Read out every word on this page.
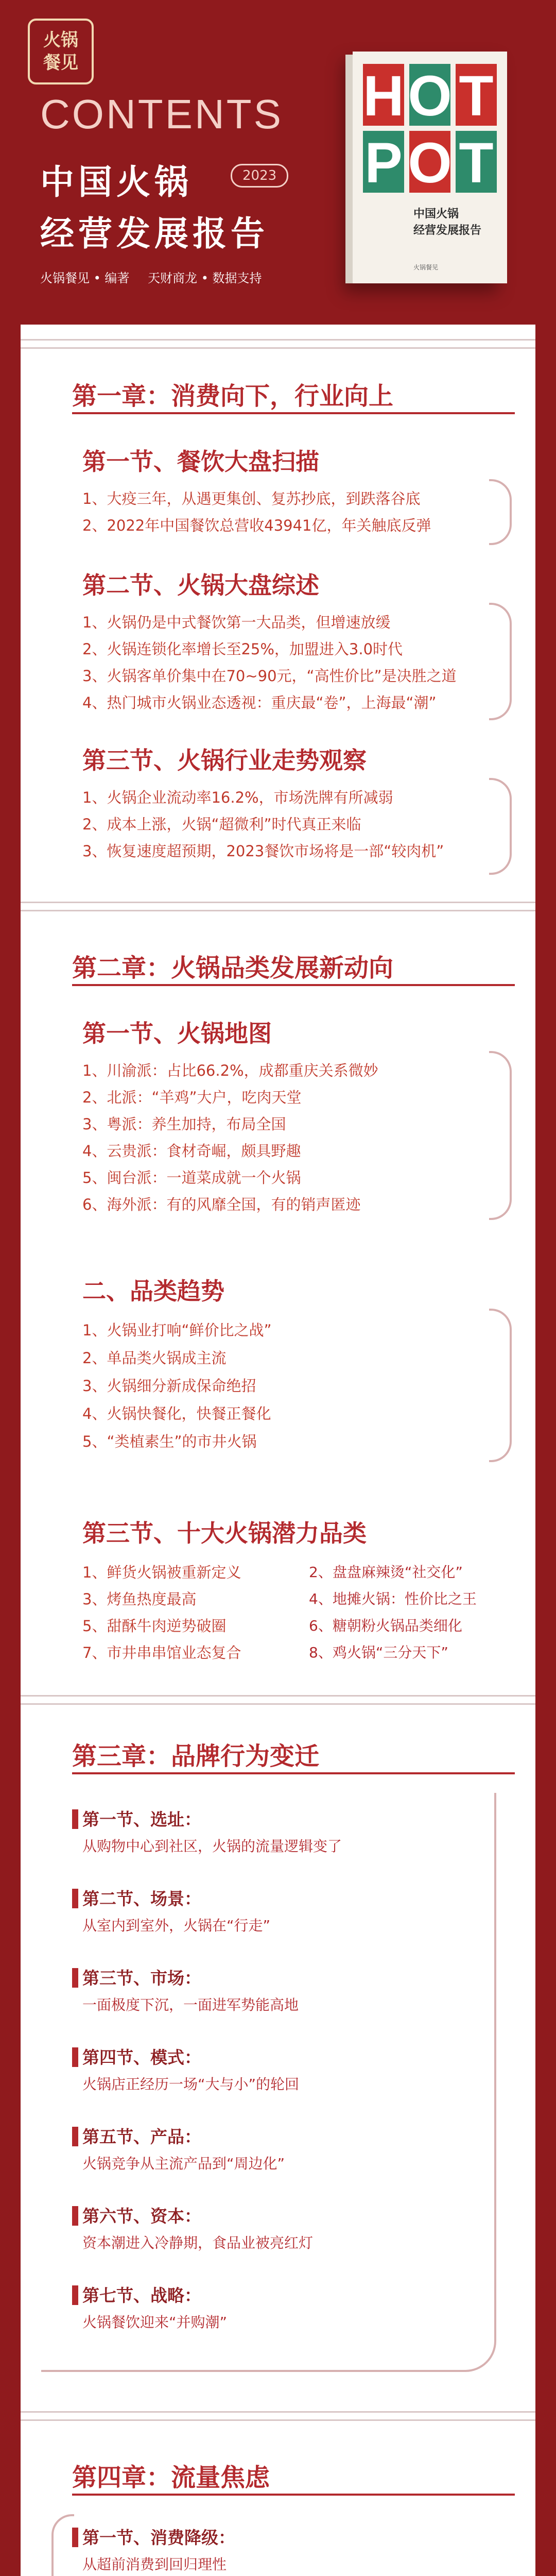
火锅
餐见
CONTENTS
中国火锅	2023
经营发展报告
火锅餐见 • 编著 天财商龙 • 数据支持
H O T
P O T
中国火锅
经营发展报告
火锅餐见
第一章：消费向下，行业向上
第一节、餐饮大盘扫描
1、大疫三年，从遇更集创、复苏抄底，到跌落谷底
2、2022年中国餐饮总营收43941亿，年关触底反弹
第二节、火锅大盘综述
1、火锅仍是中式餐饮第一大品类，但增速放缓
2、火锅连锁化率增长至25%，加盟进入3.0时代
3、火锅客单价集中在70~90元，“高性价比”是决胜之道
4、热门城市火锅业态透视：重庆最“卷”，上海最“潮”
第三节、火锅行业走势观察
1、火锅企业流动率16.2%，市场洗牌有所减弱
2、成本上涨，火锅“超微利”时代真正来临
3、恢复速度超预期，2023餐饮市场将是一部“较肉机”
第二章：火锅品类发展新动向
第一节、火锅地图
1、川渝派：占比66.2%，成都重庆关系微妙
2、北派：“羊鸡”大户，吃肉天堂
3、粤派：养生加持，布局全国
4、云贵派：食材奇崛，颇具野趣
5、闽台派：一道菜成就一个火锅
6、海外派：有的风靡全国，有的销声匿迹
二、品类趋势
1、火锅业打响“鲜价比之战”
2、单品类火锅成主流
3、火锅细分新成保命绝招
4、火锅快餐化，快餐正餐化
5、“类植素生”的市井火锅
第三节、十大火锅潜力品类
1、鲜货火锅被重新定义
3、烤鱼热度最高
5、甜酥牛肉逆势破圈
7、市井串串馆业态复合
2、盘盘麻辣烫“社交化”
4、地摊火锅：性价比之王
6、糖朝粉火锅品类细化
8、鸡火锅“三分天下”
第三章：品牌行为变迁
第一节、选址：
从购物中心到社区，火锅的流量逻辑变了
第二节、场景：
从室内到室外，火锅在“行走”
第三节、市场：
一面极度下沉，一面进军势能高地
第四节、模式：
火锅店正经历一场“大与小”的轮回
第五节、产品：
火锅竞争从主流产品到“周边化”
第六节、资本：
资本潮进入冷静期，食品业被亮红灯
第七节、战略：
火锅餐饮迎来“并购潮”
第四章：流量焦虑
第一节、消费降级：
从超前消费到回归理性
